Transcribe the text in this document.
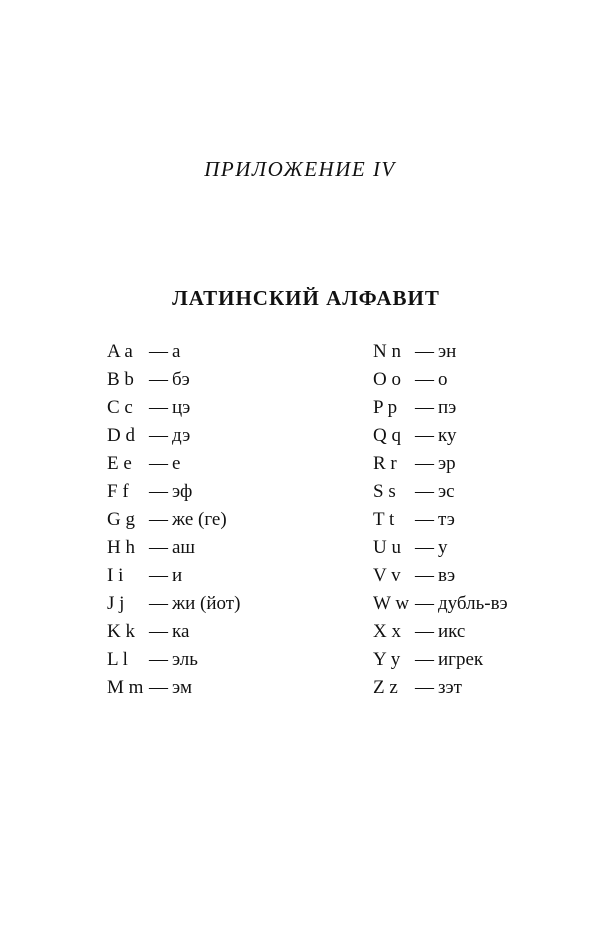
ПРИЛОЖЕНИЕ IV
ЛАТИНСКИЙ АЛФАВИТ
A a — а
B b — бэ
C c — цэ
D d — дэ
E e — е
F f	— эф
G g — же (ге)
H h — аш
I i	— и
J j	— жи (йот)
K k — ка
L l	— эль
M m — эм
N n — эн
O o — о
P p — пэ
Q q — ку
R r — эр
S s	— эс
T t	— тэ
U u — у
V v — вэ
W w — дубль-вэ
X x — икс
Y y — игрек
Z z — зэт
